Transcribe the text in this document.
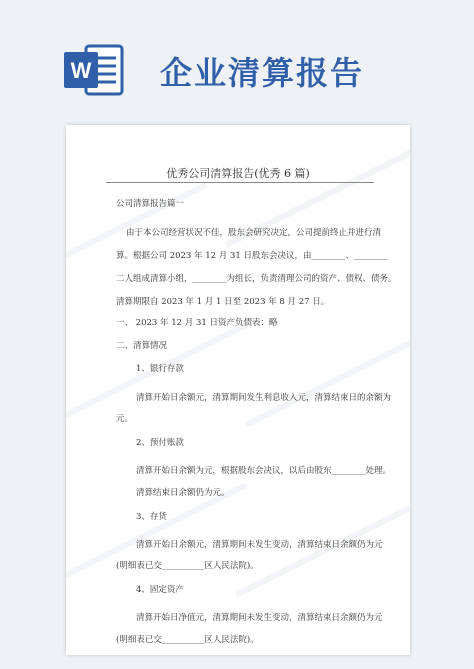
W 企业清算报告
优秀公司清算报告(优秀 6 篇)
公司清算报告篇一
由于本公司经营状况不佳，股东会研究决定，公司提前终止并进行清
算。根据公司 2023 年 12 月 31 日股东会决议，由________、________
二人组成清算小组，________为组长，负责清理公司的资产、债权、债务。
清算期限自 2023 年 1 月 1 日至 2023 年 8 月 27 日。
一、 2023 年 12 月 31 日资产负债表：略
二、清算情况
1、银行存款
清算开始日余额元，清算期间发生利息收入元，清算结束日的余额为
元。
2、预付账款
清算开始日余额为元，根据股东会决议，以后由股东________处理。
清算结束日余额仍为元。
3、存货
清算开始日余额元，清算期间未发生变动，清算结束日余额仍为元
(明细表已交__________区人民法院)。
4、固定资产
清算开始日净值元，清算期间未发生变动，清算结束日余额仍为元
(明细表已交__________区人民法院)。
